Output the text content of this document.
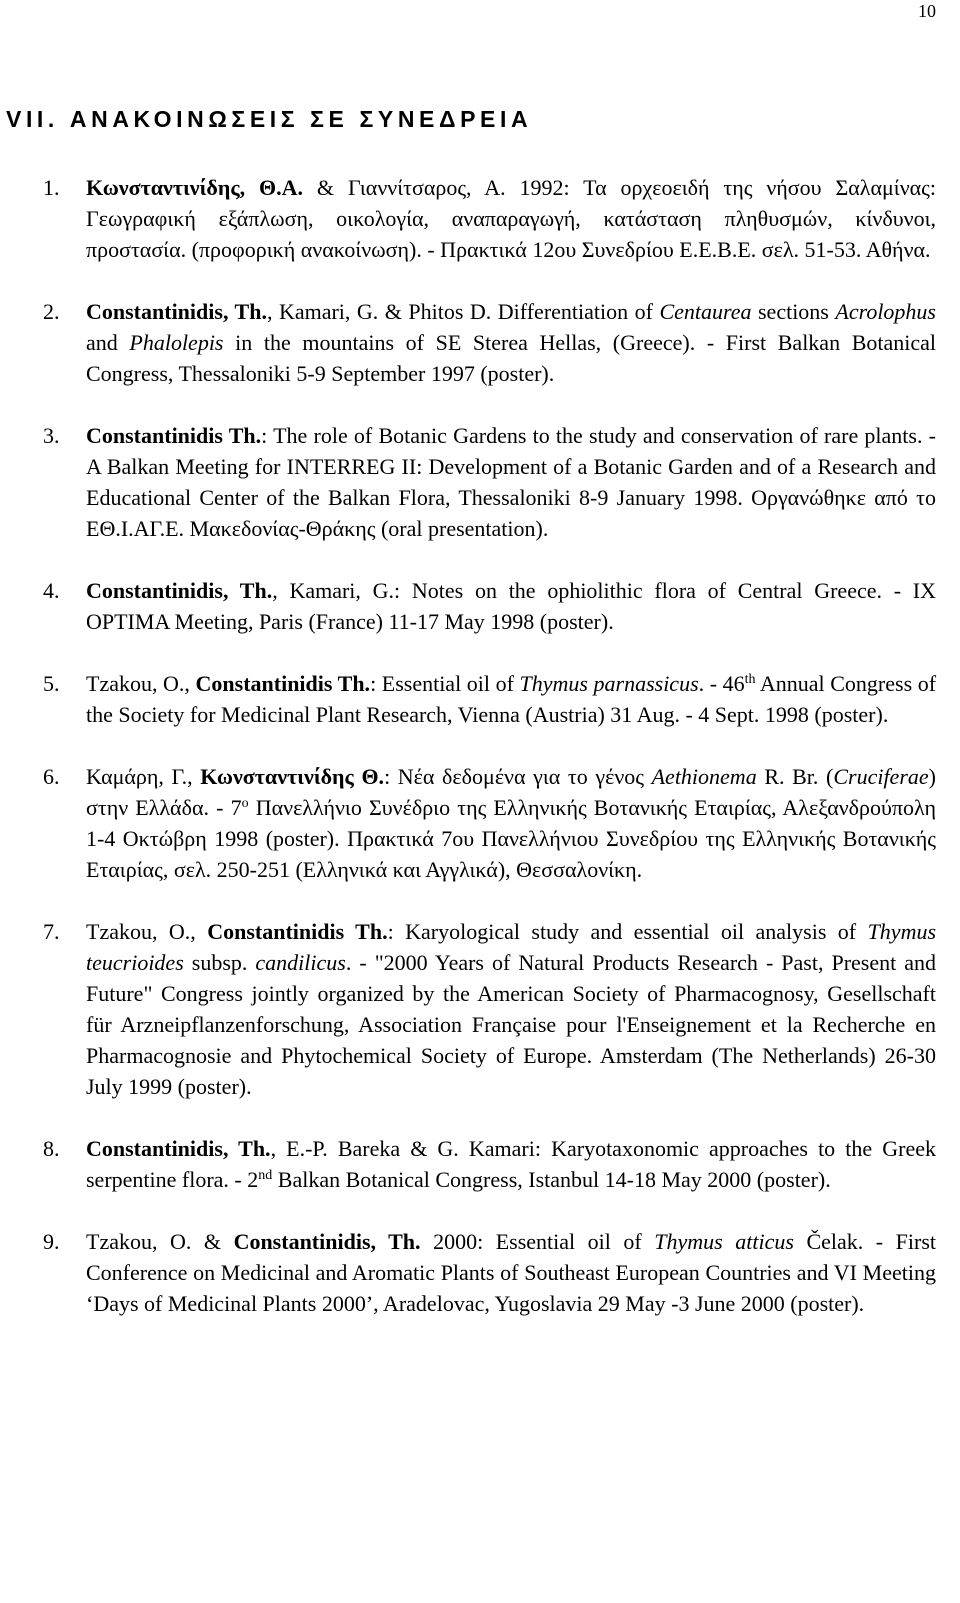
10
VII. ΑΝΑΚΟΙΝΩΣΕΙΣ ΣΕ ΣΥΝΕΔΡΕΙΑ
1. Κωνσταντινίδης, Θ.Α. & Γιαννίτσαρος, Α. 1992: Τα ορχεοειδή της νήσου Σαλαμίνας: Γεωγραφική εξάπλωση, οικολογία, αναπαραγωγή, κατάσταση πληθυσμών, κίνδυνοι, προστασία. (προφορική ανακοίνωση). - Πρακτικά 12ου Συνεδρίου Ε.Ε.Β.Ε. σελ. 51-53. Αθήνα.
2. Constantinidis, Th., Kamari, G. & Phitos D. Differentiation of Centaurea sections Acrolophus and Phalolepis in the mountains of SE Sterea Hellas, (Greece). - First Balkan Botanical Congress, Thessaloniki 5-9 September 1997 (poster).
3. Constantinidis Th.: The role of Botanic Gardens to the study and conservation of rare plants. - A Balkan Meeting for INTERREG II: Development of a Botanic Garden and of a Research and Educational Center of the Balkan Flora, Thessaloniki 8-9 January 1998. Οργανώθηκε από το ΕΘ.Ι.ΑΓ.Ε. Μακεδονίας-Θράκης (oral presentation).
4. Constantinidis, Th., Kamari, G.: Notes on the ophiolithic flora of Central Greece. - IX OPTIMA Meeting, Paris (France) 11-17 May 1998 (poster).
5. Tzakou, O., Constantinidis Th.: Essential oil of Thymus parnassicus. - 46th Annual Congress of the Society for Medicinal Plant Research, Vienna (Austria) 31 Aug. - 4 Sept. 1998 (poster).
6. Καμάρη, Γ., Κωνσταντινίδης Θ.: Νέα δεδομένα για το γένος Aethionema R. Br. (Cruciferae) στην Ελλάδα. - $7^o$ Πανελλήνιο Συνέδριο της Ελληνικής Βοτανικής Εταιρίας, Αλεξανδρούπολη 1-4 Οκτώβρη 1998 (poster). Πρακτικά 7ου Πανελλήνιου Συνεδρίου της Ελληνικής Βοτανικής Εταιρίας, σελ. 250-251 (Ελληνικά και Αγγλικά), Θεσσαλονίκη.
7. Tzakou, O., Constantinidis Th.: Karyological study and essential oil analysis of Thymus teucrioides subsp. candilicus. - "2000 Years of Natural Products Research - Past, Present and Future" Congress jointly organized by the American Society of Pharmacognosy, Gesellschaft für Arzneipflanzenforschung, Association Française pour l'Enseignement et la Recherche en Pharmacognosie and Phytochemical Society of Europe. Amsterdam (The Netherlands) 26-30 July 1999 (poster).
8. Constantinidis, Th., E.-P. Bareka & G. Kamari: Karyotaxonomic approaches to the Greek serpentine flora. - 2nd Balkan Botanical Congress, Istanbul 14-18 May 2000 (poster).
9. Tzakou, O. & Constantinidis, Th. 2000: Essential oil of Thymus atticus Čelak. - First Conference on Medicinal and Aromatic Plants of Southeast European Countries and VI Meeting ‘Days of Medicinal Plants 2000’, Aradelovac, Yugoslavia 29 May -3 June 2000 (poster).
